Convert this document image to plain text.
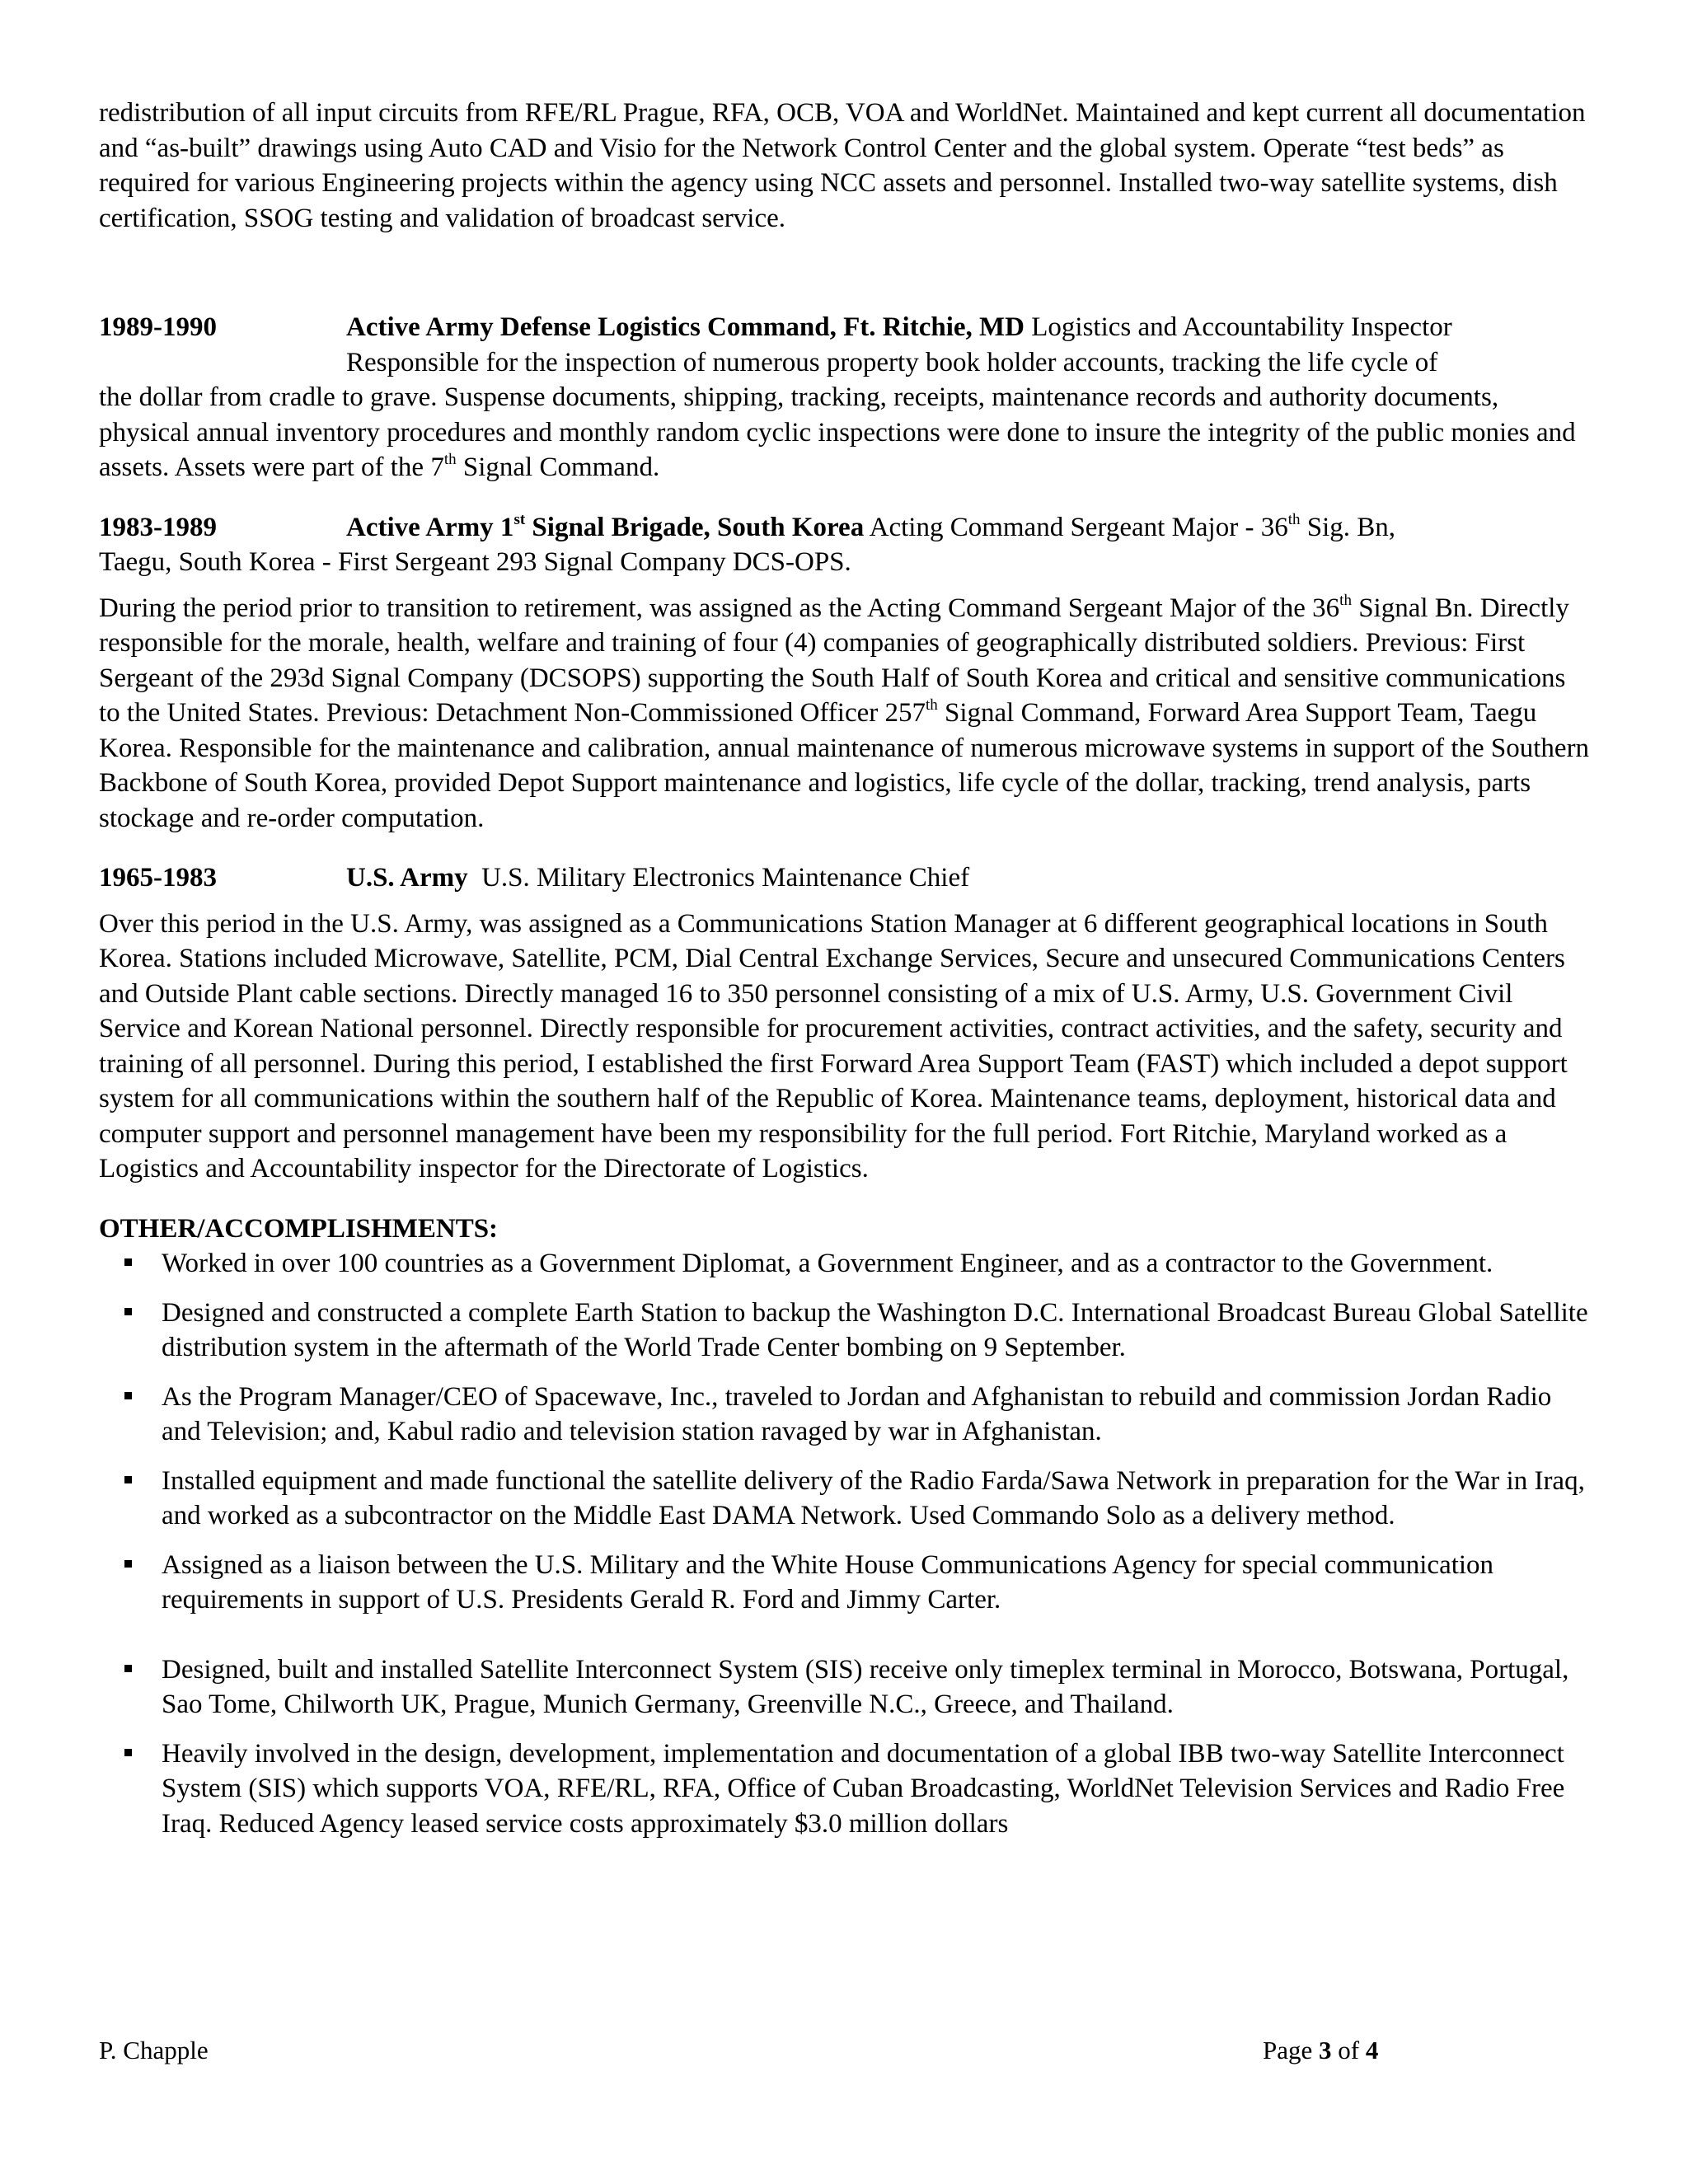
redistribution of all input circuits from RFE/RL Prague, RFA, OCB, VOA and WorldNet. Maintained and kept current all documentation and “as-built” drawings using Auto CAD and Visio for the Network Control Center and the global system. Operate “test beds” as required for various Engineering projects within the agency using NCC assets and personnel. Installed two-way satellite systems, dish certification, SSOG testing and validation of broadcast service.

1989-1990	Active Army Defense Logistics Command, Ft. Ritchie, MD Logistics and Accountability Inspector

Responsible for the inspection of numerous property book holder accounts, tracking the life cycle of

the dollar from cradle to grave. Suspense documents, shipping, tracking, receipts, maintenance records and authority documents, physical annual inventory procedures and monthly random cyclic inspections were done to insure the integrity of the public monies and assets. Assets were part of the 7th Signal Command.

1983-1989	Active Army 1st Signal Brigade, South Korea Acting Command Sergeant Major - 36th Sig. Bn,

Taegu, South Korea - First Sergeant 293 Signal Company DCS-OPS.

During the period prior to transition to retirement, was assigned as the Acting Command Sergeant Major of the 36th Signal Bn. Directly responsible for the morale, health, welfare and training of four (4) companies of geographically distributed soldiers. Previous: First Sergeant of the 293d Signal Company (DCSOPS) supporting the South Half of South Korea and critical and sensitive communications to the United States. Previous: Detachment Non-Commissioned Officer 257th Signal Command, Forward Area Support Team, Taegu Korea. Responsible for the maintenance and calibration, annual maintenance of numerous microwave systems in support of the Southern Backbone of South Korea, provided Depot Support maintenance and logistics, life cycle of the dollar, tracking, trend analysis, parts stockage and re-order computation.

1965-1983	U.S. Army  U.S. Military Electronics Maintenance Chief

Over this period in the U.S. Army, was assigned as a Communications Station Manager at 6 different geographical locations in South Korea. Stations included Microwave, Satellite, PCM, Dial Central Exchange Services, Secure and unsecured Communications Centers and Outside Plant cable sections. Directly managed 16 to 350 personnel consisting of a mix of U.S. Army, U.S. Government Civil Service and Korean National personnel. Directly responsible for procurement activities, contract activities, and the safety, security and training of all personnel. During this period, I established the first Forward Area Support Team (FAST) which included a depot support system for all communications within the southern half of the Republic of Korea. Maintenance teams, deployment, historical data and computer support and personnel management have been my responsibility for the full period. Fort Ritchie, Maryland worked as a Logistics and Accountability inspector for the Directorate of Logistics.

OTHER/ACCOMPLISHMENTS:
Worked in over 100 countries as a Government Diplomat, a Government Engineer, and as a contractor to the Government.
Designed and constructed a complete Earth Station to backup the Washington D.C. International Broadcast Bureau Global Satellite distribution system in the aftermath of the World Trade Center bombing on 9 September.
As the Program Manager/CEO of Spacewave, Inc., traveled to Jordan and Afghanistan to rebuild and commission Jordan Radio and Television; and, Kabul radio and television station ravaged by war in Afghanistan.
Installed equipment and made functional the satellite delivery of the Radio Farda/Sawa Network in preparation for the War in Iraq, and worked as a subcontractor on the Middle East DAMA Network. Used Commando Solo as a delivery method.
Assigned as a liaison between the U.S. Military and the White House Communications Agency for special communication requirements in support of U.S. Presidents Gerald R. Ford and Jimmy Carter.
Designed, built and installed Satellite Interconnect System (SIS) receive only timeplex terminal in Morocco, Botswana, Portugal, Sao Tome, Chilworth UK, Prague, Munich Germany, Greenville N.C., Greece, and Thailand.
Heavily involved in the design, development, implementation and documentation of a global IBB two-way Satellite Interconnect System (SIS) which supports VOA, RFE/RL, RFA, Office of Cuban Broadcasting, WorldNet Television Services and Radio Free Iraq. Reduced Agency leased service costs approximately $3.0 million dollars
P. Chapple	Page 3 of 4
